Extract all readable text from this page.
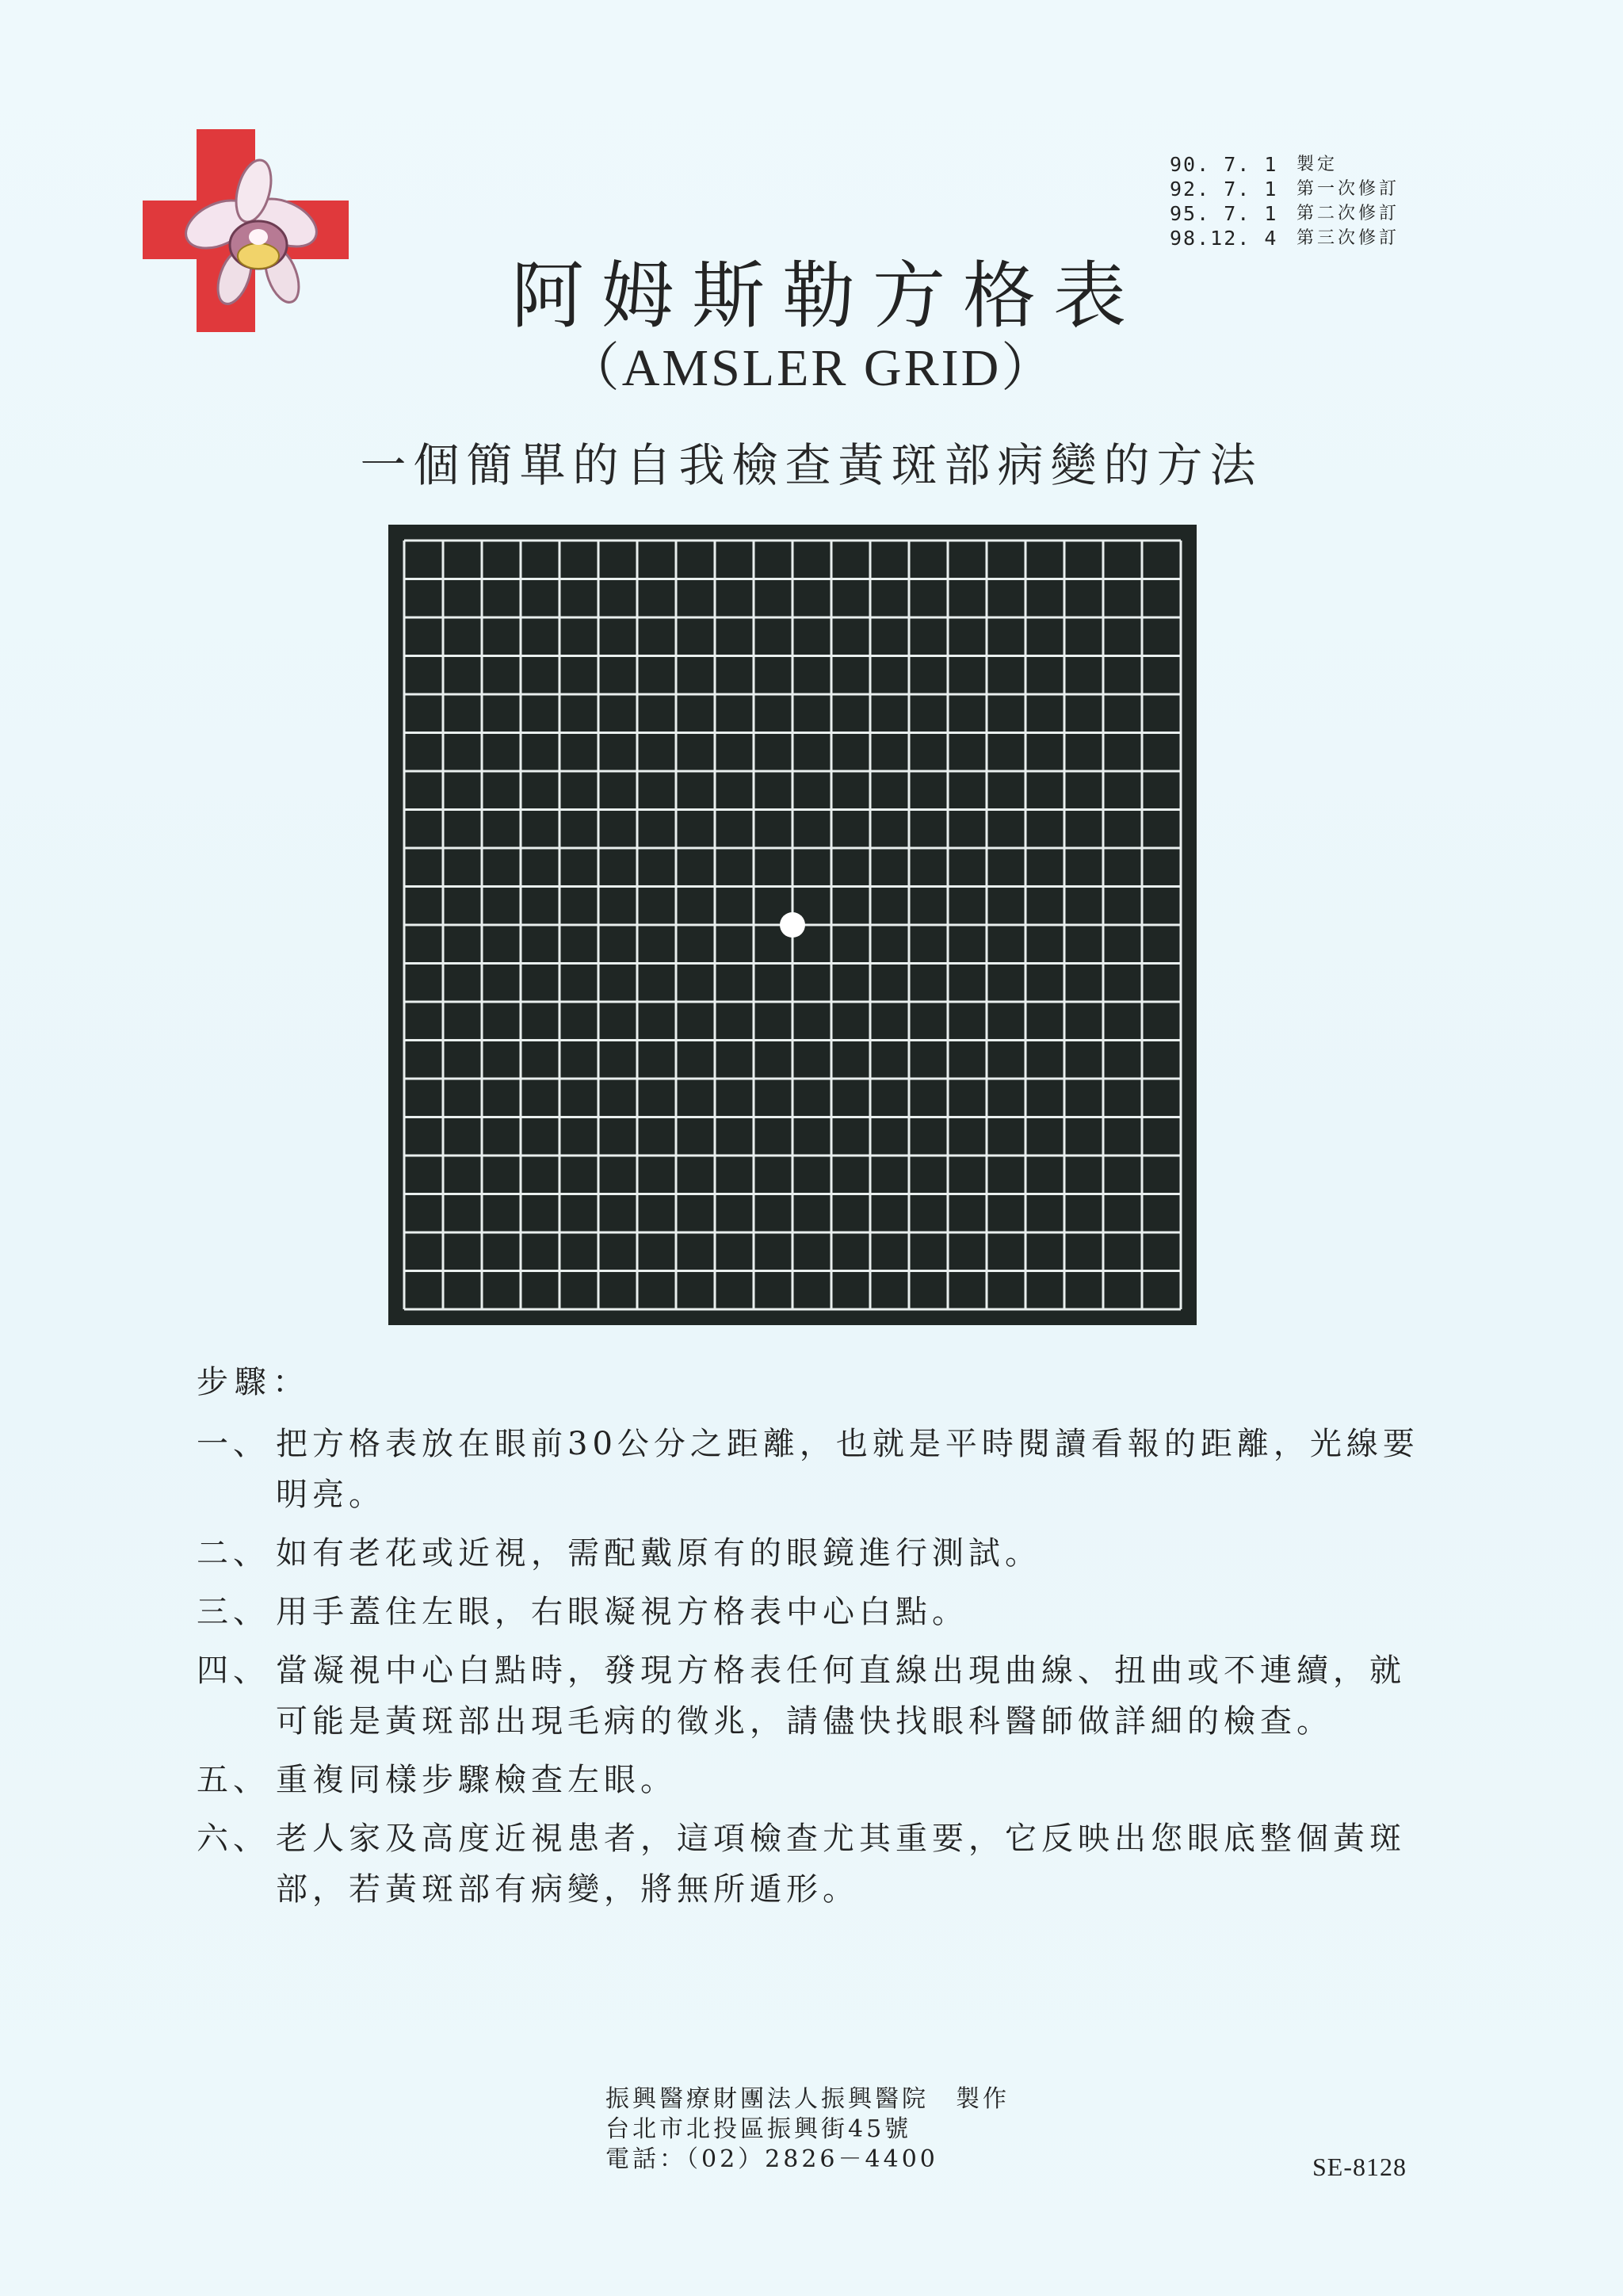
90. 7. 1	製定
92. 7. 1	第一次修訂
95. 7. 1	第二次修訂
98.12. 4	第三次修訂
阿姆斯勒方格表
（AMSLER GRID）
一個簡單的自我檢查黃斑部病變的方法
步驟：
一、 把方格表放在眼前30公分之距離，也就是平時閱讀看報的距離，光線要明亮。
二、 如有老花或近視，需配戴原有的眼鏡進行測試。
三、 用手蓋住左眼，右眼凝視方格表中心白點。
四、 當凝視中心白點時，發現方格表任何直線出現曲線、扭曲或不連續，就可能是黃斑部出現毛病的徵兆，請儘快找眼科醫師做詳細的檢查。
五、 重複同樣步驟檢查左眼。
六、 老人家及高度近視患者，這項檢查尤其重要，它反映出您眼底整個黃斑部，若黃斑部有病變，將無所遁形。
振興醫療財團法人振興醫院　製作
台北市北投區振興街45號
電話：（02）2826－4400	SE-8128
